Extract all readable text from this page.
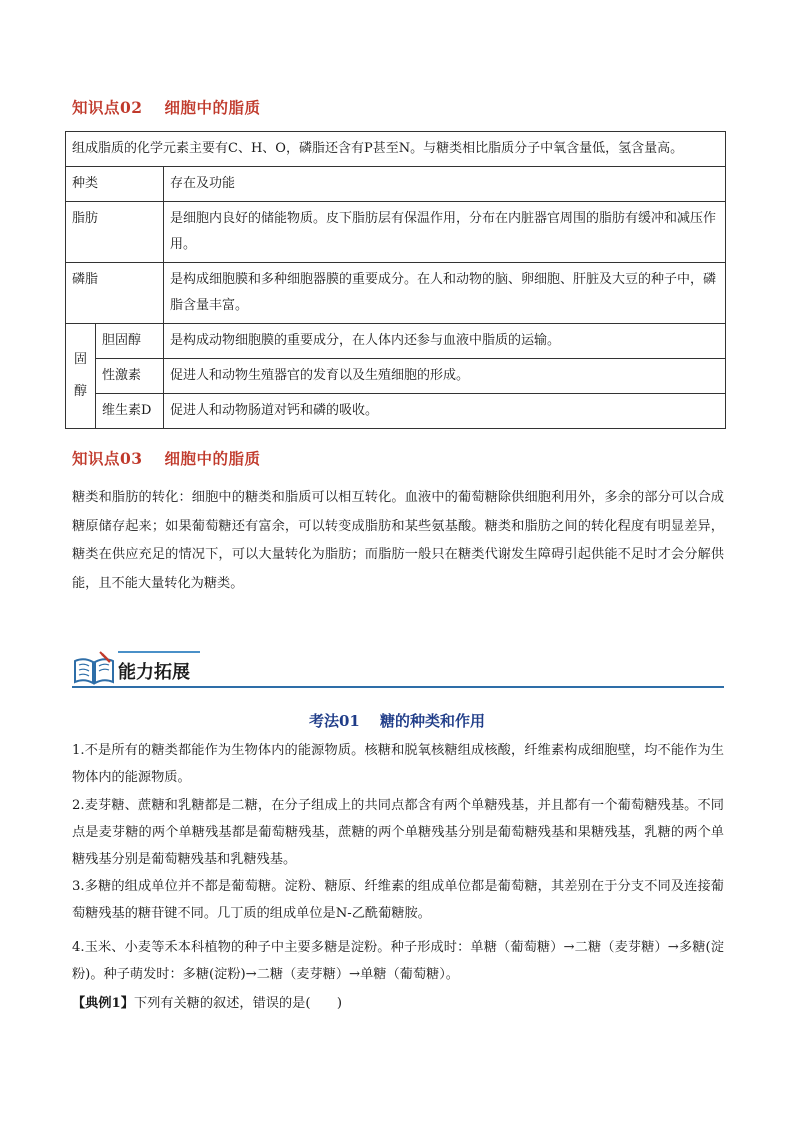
知识点02　 细胞中的脂质
组成脂质的化学元素主要有C、H、O，磷脂还含有P甚至N。与糖类相比脂质分子中氧含量低，氢含量高。		
种类		存在及功能
脂肪		是细胞内良好的储能物质。皮下脂肪层有保温作用，分布在内脏器官周围的脂肪有缓冲和减压作用。
磷脂		是构成细胞膜和多种细胞器膜的重要成分。在人和动物的脑、卵细胞、肝脏及大豆的种子中，磷脂含量丰富。
固醇	胆固醇	是构成动物细胞膜的重要成分，在人体内还参与血液中脂质的运输。
	性激素	促进人和动物生殖器官的发育以及生殖细胞的形成。
	维生素D	促进人和动物肠道对钙和磷的吸收。
知识点03　 细胞中的脂质
糖类和脂肪的转化：细胞中的糖类和脂质可以相互转化。血液中的葡萄糖除供细胞利用外，多余的部分可以合成糖原储存起来；如果葡萄糖还有富余，可以转变成脂肪和某些氨基酸。糖类和脂肪之间的转化程度有明显差异，糖类在供应充足的情况下，可以大量转化为脂肪；而脂肪一般只在糖类代谢发生障碍引起供能不足时才会分解供能，且不能大量转化为糖类。
能力拓展
考法01　 糖的种类和作用
1.不是所有的糖类都能作为生物体内的能源物质。核糖和脱氧核糖组成核酸，纤维素构成细胞壁，均不能作为生物体内的能源物质。
2.麦芽糖、蔗糖和乳糖都是二糖，在分子组成上的共同点都含有两个单糖残基，并且都有一个葡萄糖残基。不同点是麦芽糖的两个单糖残基都是葡萄糖残基，蔗糖的两个单糖残基分别是葡萄糖残基和果糖残基，乳糖的两个单糖残基分别是葡萄糖残基和乳糖残基。
3.多糖的组成单位并不都是葡萄糖。淀粉、糖原、纤维素的组成单位都是葡萄糖，其差别在于分支不同及连接葡萄糖残基的糖苷键不同。几丁质的组成单位是N-乙酰葡糖胺。
4.玉米、小麦等禾本科植物的种子中主要多糖是淀粉。种子形成时：单糖（葡萄糖）→二糖（麦芽糖）→多糖(淀粉)。种子萌发时：多糖(淀粉)→二糖（麦芽糖）→单糖（葡萄糖）。
【典例1】下列有关糖的叙述，错误的是(　　)
